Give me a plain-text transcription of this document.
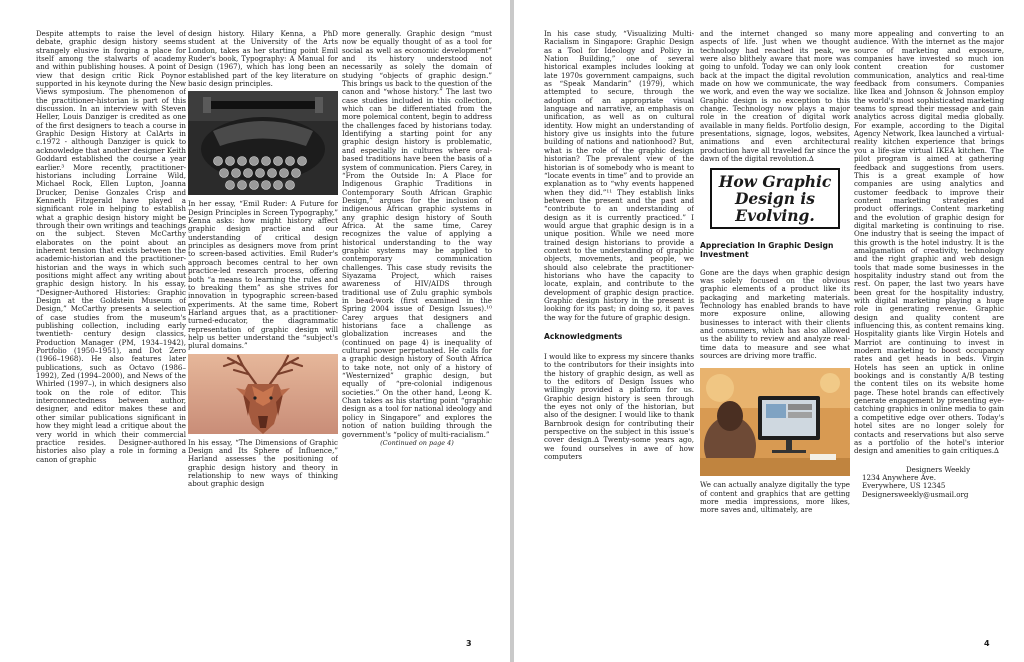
Despite attempts to raise the level of debate, graphic design history seems strangely elusive in forging a place for itself among the stalwarts of academy and within publishing houses. A point of view that design critic Rick Poynor supported in his keynote during the New Views symposium. The phenomenon of the practitioner-historian is part of this discussion. In an interview with Steven Heller, Louis Danziger is credited as one of the first designers to teach a course in Graphic Design History at CalArts in c.1972 - although Danziger is quick to acknowledge that another designer Keith Goddard established the course a year earlier.³ More recently, practitioner-historians including Lorraine Wild, Michael Rock, Ellen Lupton, Joanna Drucker, Denise Gonzales Crisp and Kenneth Fitzgerald have played a significant role in helping to establish what a graphic design history might be through their own writings and teachings on the subject. Steven McCarthy elaborates on the point about an inherent tension that exists between the academic-historian and the practitioner-historian and the ways in which such positions might affect any writing about graphic design history. In his essay, “Designer-Authored Histories: Graphic Design at the Goldstein Museum of Design,” McCarthy presents a selection of case studies from the museum's publishing collection, including early twentieth- century design classics, Production Manager (PM, 1934–1942), Portfolio (1950–1951), and Dot Zero (1966–1968). He also features later publications, such as Octavo (1986–1992), Zed (1994–2000), and News of the Whirled (1997–), in which designers also took on the role of editor. This interconnectedness between author, designer, and editor makes these and other similar publications significant in how they might lead a critique about the very world in which their commercial practice resides. Designer-authored histories also play a role in forming a canon of graphic

design history. Hilary Kenna, a PhD student at the University of the Arts London, takes as her starting point Emil Ruder's book, Typography: A Manual for Design (1967), which has long been an established part of the key literature on basic design principles.

In her essay, “Emil Ruder: A Future for Design Principles in Screen Typography,” Kenna asks: how might history affect graphic design practice and our understanding of critical design principles as designers move from print to screen-based activities. Emil Ruder's approach becomes central to her own practice-led research process, offering both “a means to learning the rules and to breaking them” as she strives for innovation in typographic screen-based experiments. At the same time, Robert Harland argues that, as a practitioner-turned-educator, the diagrammatic representation of graphic design will help us better understand the “subject's plural domains.”

In his essay, “The Dimensions of Graphic Design and Its Sphere of Influence,” Harland assesses the positioning of graphic design history and theory in relationship to new ways of thinking about graphic design

more generally. Graphic design “must now be equally thought of as a tool for social as well as economic development” and its history understood not necessarily as solely the domain of studying “objects of graphic design.” This brings us back to the question of the canon and “whose history.” The last two case studies included in this collection, which can be differentiated from the more polemical content, begin to address the challenges faced by historians today. Identifying a starting point for any graphic design history is problematic, and especially in cultures where oral-based traditions have been the basis of a system of communication. Piers Carey, in “From the Outside In: A Place for Indigenous Graphic Traditions in Contemporary South African Graphic Design,” argues for the inclusion of indigenous African graphic systems in any graphic design history of South Africa. At the same time, Carey recognizes the value of applying a historical understanding to the way graphic systems may be applied to contemporary communication challenges. This case study revisits the Siyazama Project, which raises awareness of HIV/AIDS through traditional use of Zulu graphic symbols in bead-work (first examined in the Spring 2004 issue of Design Issues).¹⁰ Carey argues that designers and historians face a challenge as globalization increases and the (continued on page 4) is inequality of cultural power perpetuated. He calls for a graphic design history of South Africa to take note, not only of a history of “Westernized” graphic design, but equally of “pre-colonial indigenous societies.” On the other hand, Leong K. Chan takes as his starting point “graphic design as a tool for national ideology and policy in Singapore” and explores the notion of nation building through the government's “policy of multi-racialism.”

(Continued on page 4)

3

In his case study, “Visualizing Multi-Racialism in Singapore: Graphic Design as a Tool for Ideology and Policy in Nation Building,” one of several historical examples includes looking at late 1970s government campaigns, such as “Speak Mandarin” (1979), which attempted to secure, through the adoption of an appropriate visual language and narrative, an emphasis on unification, as well as on cultural identity. How might an understanding of history give us insights into the future building of nations and nationhood? But, what is the role of the graphic design historian? The prevalent view of the historian is of somebody who is meant to “locate events in time” and to provide an explanation as to “why events happened when they did.”¹¹ They establish links between the present and the past and “contribute to an understanding of design as it is currently practiced.” I would argue that graphic design is in a unique position. While we need more trained design historians to provide a context to the understanding of graphic objects, movements, and people, we should also celebrate the practitioner-historians who have the capacity to locate, explain, and contribute to the development of graphic design practice. Graphic design history in the present is looking for its past; in doing so, it paves the way for the future of graphic design.

Acknowledgments

I would like to express my sincere thanks to the contributors for their insights into the history of graphic design, as well as to the editors of Design Issues who willingly provided a platform for us. Graphic design history is seen through the eyes not only of the historian, but also of the designer. I would like to thank Barnbrook design for contributing their perspective on the subject in this issue's cover design.∆ Twenty-some years ago, we found ourselves in awe of how computers

and the internet changed so many aspects of life. Just when we thought technology had reached its peak, we were also blithely aware that more was going to unfold. Today we can only look back at the impact the digital revolution made on how we communicate, the way we work, and even the way we socialize. Graphic design is no exception to this change. Technology now plays a major role in the creation of digital work available in many fields. Portfolio design, presentations, signage, logos, websites, animations and even architectural production have all traveled far since the dawn of the digital revolution.∆

How Graphic Design is Evolving.
Appreciation In Graphic Design Investment

Gone are the days when graphic design was solely focused on the obvious graphic elements of a product like its packaging and marketing materials. Technology has enabled brands to have more exposure online, allowing businesses to interact with their clients and consumers, which has also allowed us the ability to review and analyze real-time data to measure and see what sources are driving more traffic.

We can actually analyze digitally the type of content and graphics that are getting more media impressions, more likes, more saves and, ultimately, are

more appealing and converting to an audience. With the internet as the major source of marketing and exposure, companies have invested so much ion content creation for customer communication, analytics and real-time feedback from consumers. Companies like Ikea and Johnson & Johnson employ the world's most sophisticated marketing teams to spread their message and gain analytics across digital media globally. For example, according to the Digital Agency Network, Ikea launched a virtual-reality kitchen experience that brings you a life-size virtual IKEA kitchen. The pilot program is aimed at gathering feedback and suggestions from users. This is a great example of how companies are using analytics and customer feedback to improve their content marketing strategies and product offerings. Content marketing and the evolution of graphic design for digital marketing is continuing to rise. One industry that is seeing the impact of this growth is the hotel industry. It is the amalgamation of creativity, technology and the right graphic and web design tools that made some businesses in the hospitality industry stand out from the rest. On paper, the last two years have been great for the hospitality industry, with digital marketing playing a huge role in generating revenue. Graphic design and quality content are influencing this, as content remains king. Hospitality giants like Virgin Hotels and Marriot are continuing to invest in modern marketing to boost occupancy rates and get heads in beds. Virgin Hotels has seen an uptick in online bookings and is constantly A/B testing the content tiles on its website home page. These hotel brands can effectively generate engagement by presenting eye-catching graphics in online media to gain a competitive edge over others. Today's hotel sites are no longer solely for contacts and reservations but also serve as a portfolio of the hotel's interior design and amenities to gain critiques.∆

Designers Weekly
1234 Anywhere Ave.
Everywhere, US 12345
Designersweekly@usmail.org
4
